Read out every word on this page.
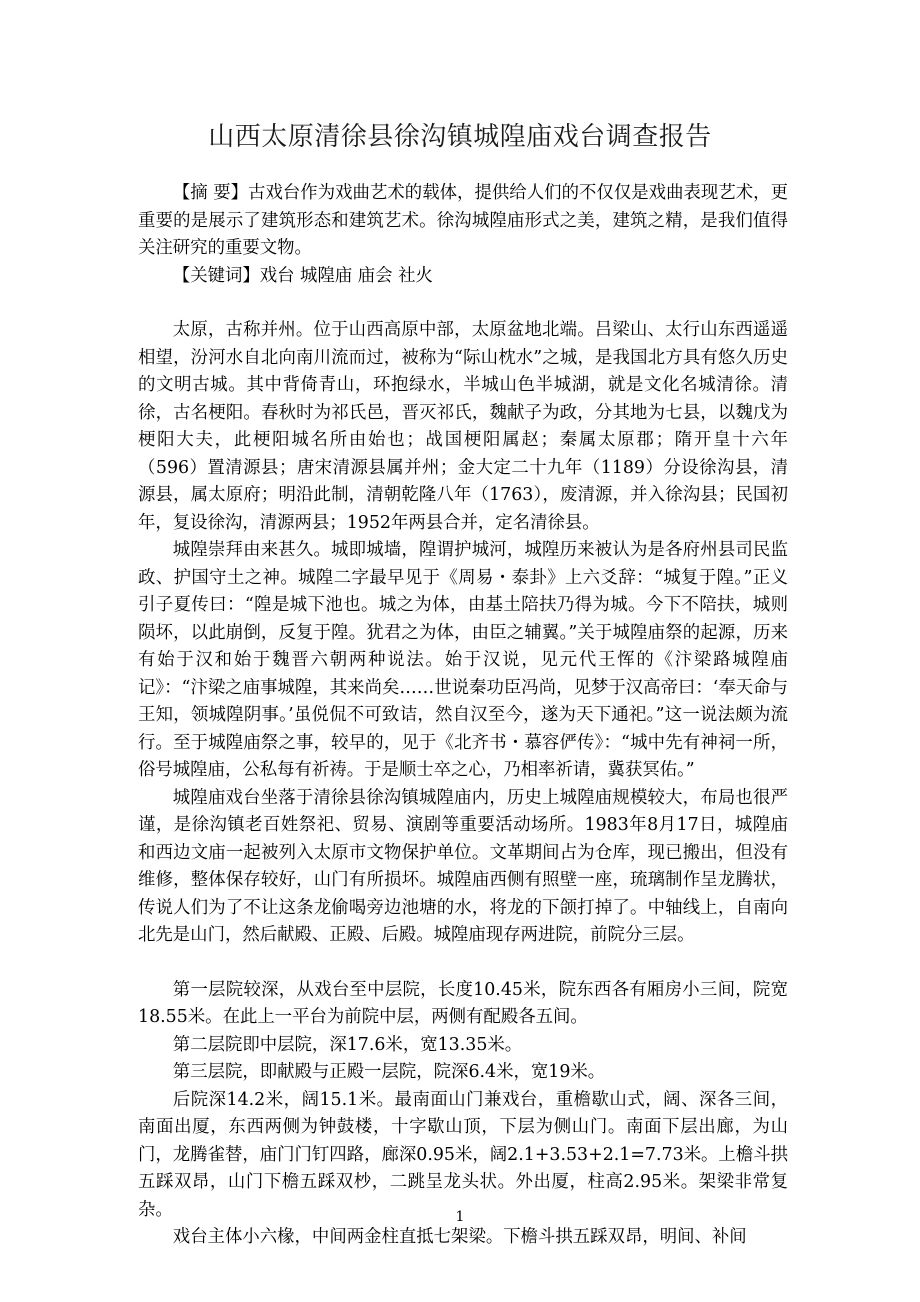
山西太原清徐县徐沟镇城隍庙戏台调查报告

【摘 要】古戏台作为戏曲艺术的载体，提供给人们的不仅仅是戏曲表现艺术，更重要的是展示了建筑形态和建筑艺术。徐沟城隍庙形式之美，建筑之精，是我们值得关注研究的重要文物。

【关键词】戏台 城隍庙 庙会 社火

太原，古称并州。位于山西高原中部，太原盆地北端。吕梁山、太行山东西遥遥相望，汾河水自北向南川流而过，被称为“际山枕水”之城，是我国北方具有悠久历史的文明古城。其中背倚青山，环抱绿水，半城山色半城湖，就是文化名城清徐。清徐，古名梗阳。春秋时为祁氏邑，晋灭祁氏，魏献子为政，分其地为七县，以魏戊为梗阳大夫，此梗阳城名所由始也；战国梗阳属赵；秦属太原郡；隋开皇十六年（596）置清源县；唐宋清源县属并州；金大定二十九年（1189）分设徐沟县，清源县，属太原府；明沿此制，清朝乾隆八年（1763），废清源，并入徐沟县；民国初年，复设徐沟，清源两县；1952年两县合并，定名清徐县。

城隍崇拜由来甚久。城即城墙，隍谓护城河，城隍历来被认为是各府州县司民监政、护国守土之神。城隍二字最早见于《周易・泰卦》上六爻辞：“城复于隍。”正义引子夏传曰：“隍是城下池也。城之为体，由基土陪扶乃得为城。今下不陪扶，城则陨坏，以此崩倒，反复于隍。犹君之为体，由臣之辅翼。”关于城隍庙祭的起源，历来有始于汉和始于魏晋六朝两种说法。始于汉说，见元代王恽的《汴梁路城隍庙记》：“汴梁之庙事城隍，其来尚矣……世说秦功臣冯尚，见梦于汉高帝曰：‘奉天命与王知，领城隍阴事。’虽侻侃不可致诘，然自汉至今，遂为天下通祀。”这一说法颇为流行。至于城隍庙祭之事，较早的，见于《北齐书・慕容俨传》：“城中先有神祠一所，俗号城隍庙，公私每有祈祷。于是顺士卒之心，乃相率祈请，冀获冥佑。”

城隍庙戏台坐落于清徐县徐沟镇城隍庙内，历史上城隍庙规模较大，布局也很严谨，是徐沟镇老百姓祭祀、贸易、演剧等重要活动场所。1983年8月17日，城隍庙和西边文庙一起被列入太原市文物保护单位。文革期间占为仓库，现已搬出，但没有维修，整体保存较好，山门有所损坏。城隍庙西侧有照壁一座，琉璃制作呈龙腾状，传说人们为了不让这条龙偷喝旁边池塘的水，将龙的下颌打掉了。中轴线上，自南向北先是山门，然后献殿、正殿、后殿。城隍庙现存两进院，前院分三层。

第一层院较深，从戏台至中层院，长度10.45米，院东西各有厢房小三间，院宽18.55米。在此上一平台为前院中层，两侧有配殿各五间。

第二层院即中层院，深17.6米，宽13.35米。

第三层院，即献殿与正殿一层院，院深6.4米，宽19米。

后院深14.2米，阔15.1米。最南面山门兼戏台，重檐歇山式，阔、深各三间，南面出厦，东西两侧为钟鼓楼，十字歇山顶，下层为侧山门。南面下层出廊，为山门，龙腾雀替，庙门门钉四路，廊深0.95米，阔2.1+3.53+2.1=7.73米。上檐斗拱五踩双昂，山门下檐五踩双杪，二跳呈龙头状。外出厦，柱高2.95米。架梁非常复杂。

戏台主体小六椽，中间两金柱直抵七架梁。下檐斗拱五踩双昂，明间、补间

1
